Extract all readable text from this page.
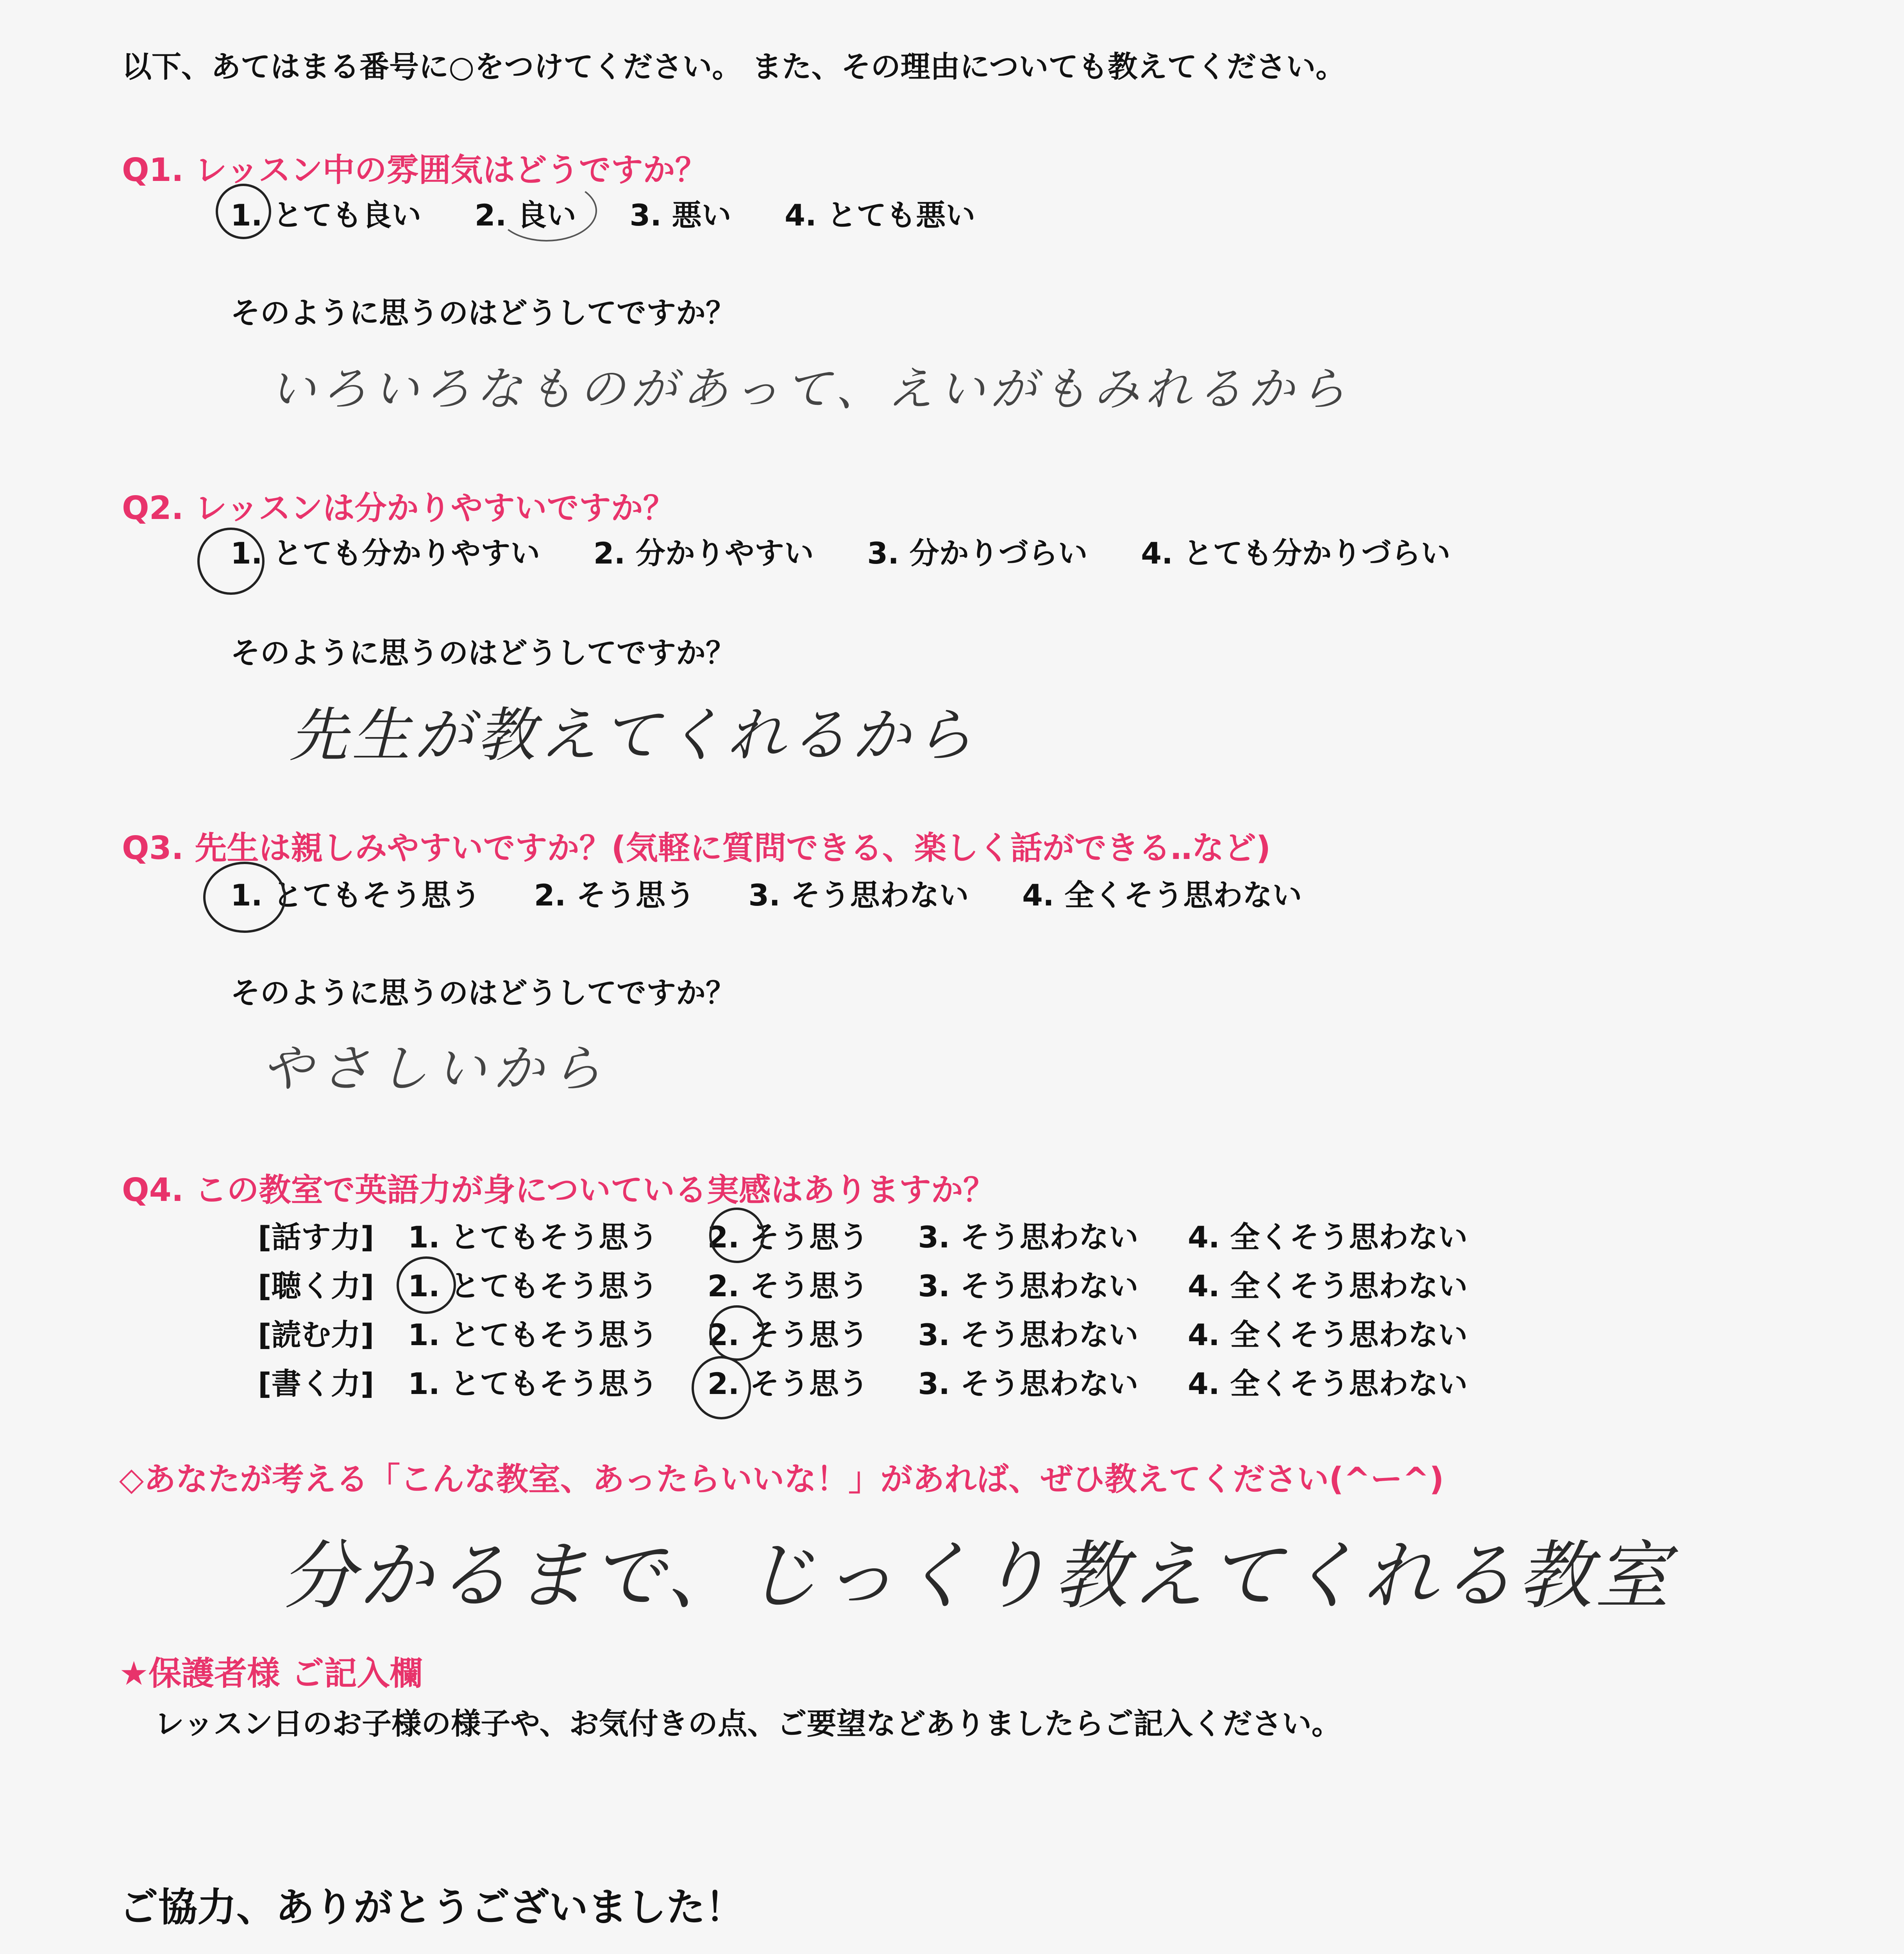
以下、あてはまる番号に○をつけてください。 また、その理由についても教えてください。
Q1. レッスン中の雰囲気はどうですか？
1. とても良い 2. 良い 3. 悪い 4. とても悪い
そのように思うのはどうしてですか？
いろいろなものがあって、えいがもみれるから
Q2. レッスンは分かりやすいですか？
1. とても分かりやすい 2. 分かりやすい 3. 分かりづらい 4. とても分かりづらい
そのように思うのはどうしてですか？
先生が教えてくれるから
Q3. 先生は親しみやすいですか？(気軽に質問できる、楽しく話ができる‥など)
1. とてもそう思う 2. そう思う 3. そう思わない 4. 全くそう思わない
そのように思うのはどうしてですか？
やさしいから
Q4. この教室で英語力が身についている実感はありますか？
[話す力] 1. とてもそう思う 2. そう思う 3. そう思わない 4. 全くそう思わない
[聴く力] 1. とてもそう思う 2. そう思う 3. そう思わない 4. 全くそう思わない
[読む力] 1. とてもそう思う 2. そう思う 3. そう思わない 4. 全くそう思わない
[書く力] 1. とてもそう思う 2. そう思う 3. そう思わない 4. 全くそう思わない
◇あなたが考える「こんな教室、あったらいいな！」があれば、ぜひ教えてください(^ー^)
分かるまで、じっくり教えてくれる教室
★保護者様 ご記入欄
レッスン日のお子様の様子や、お気付きの点、ご要望などありましたらご記入ください。
ご協力、ありがとうございました！
